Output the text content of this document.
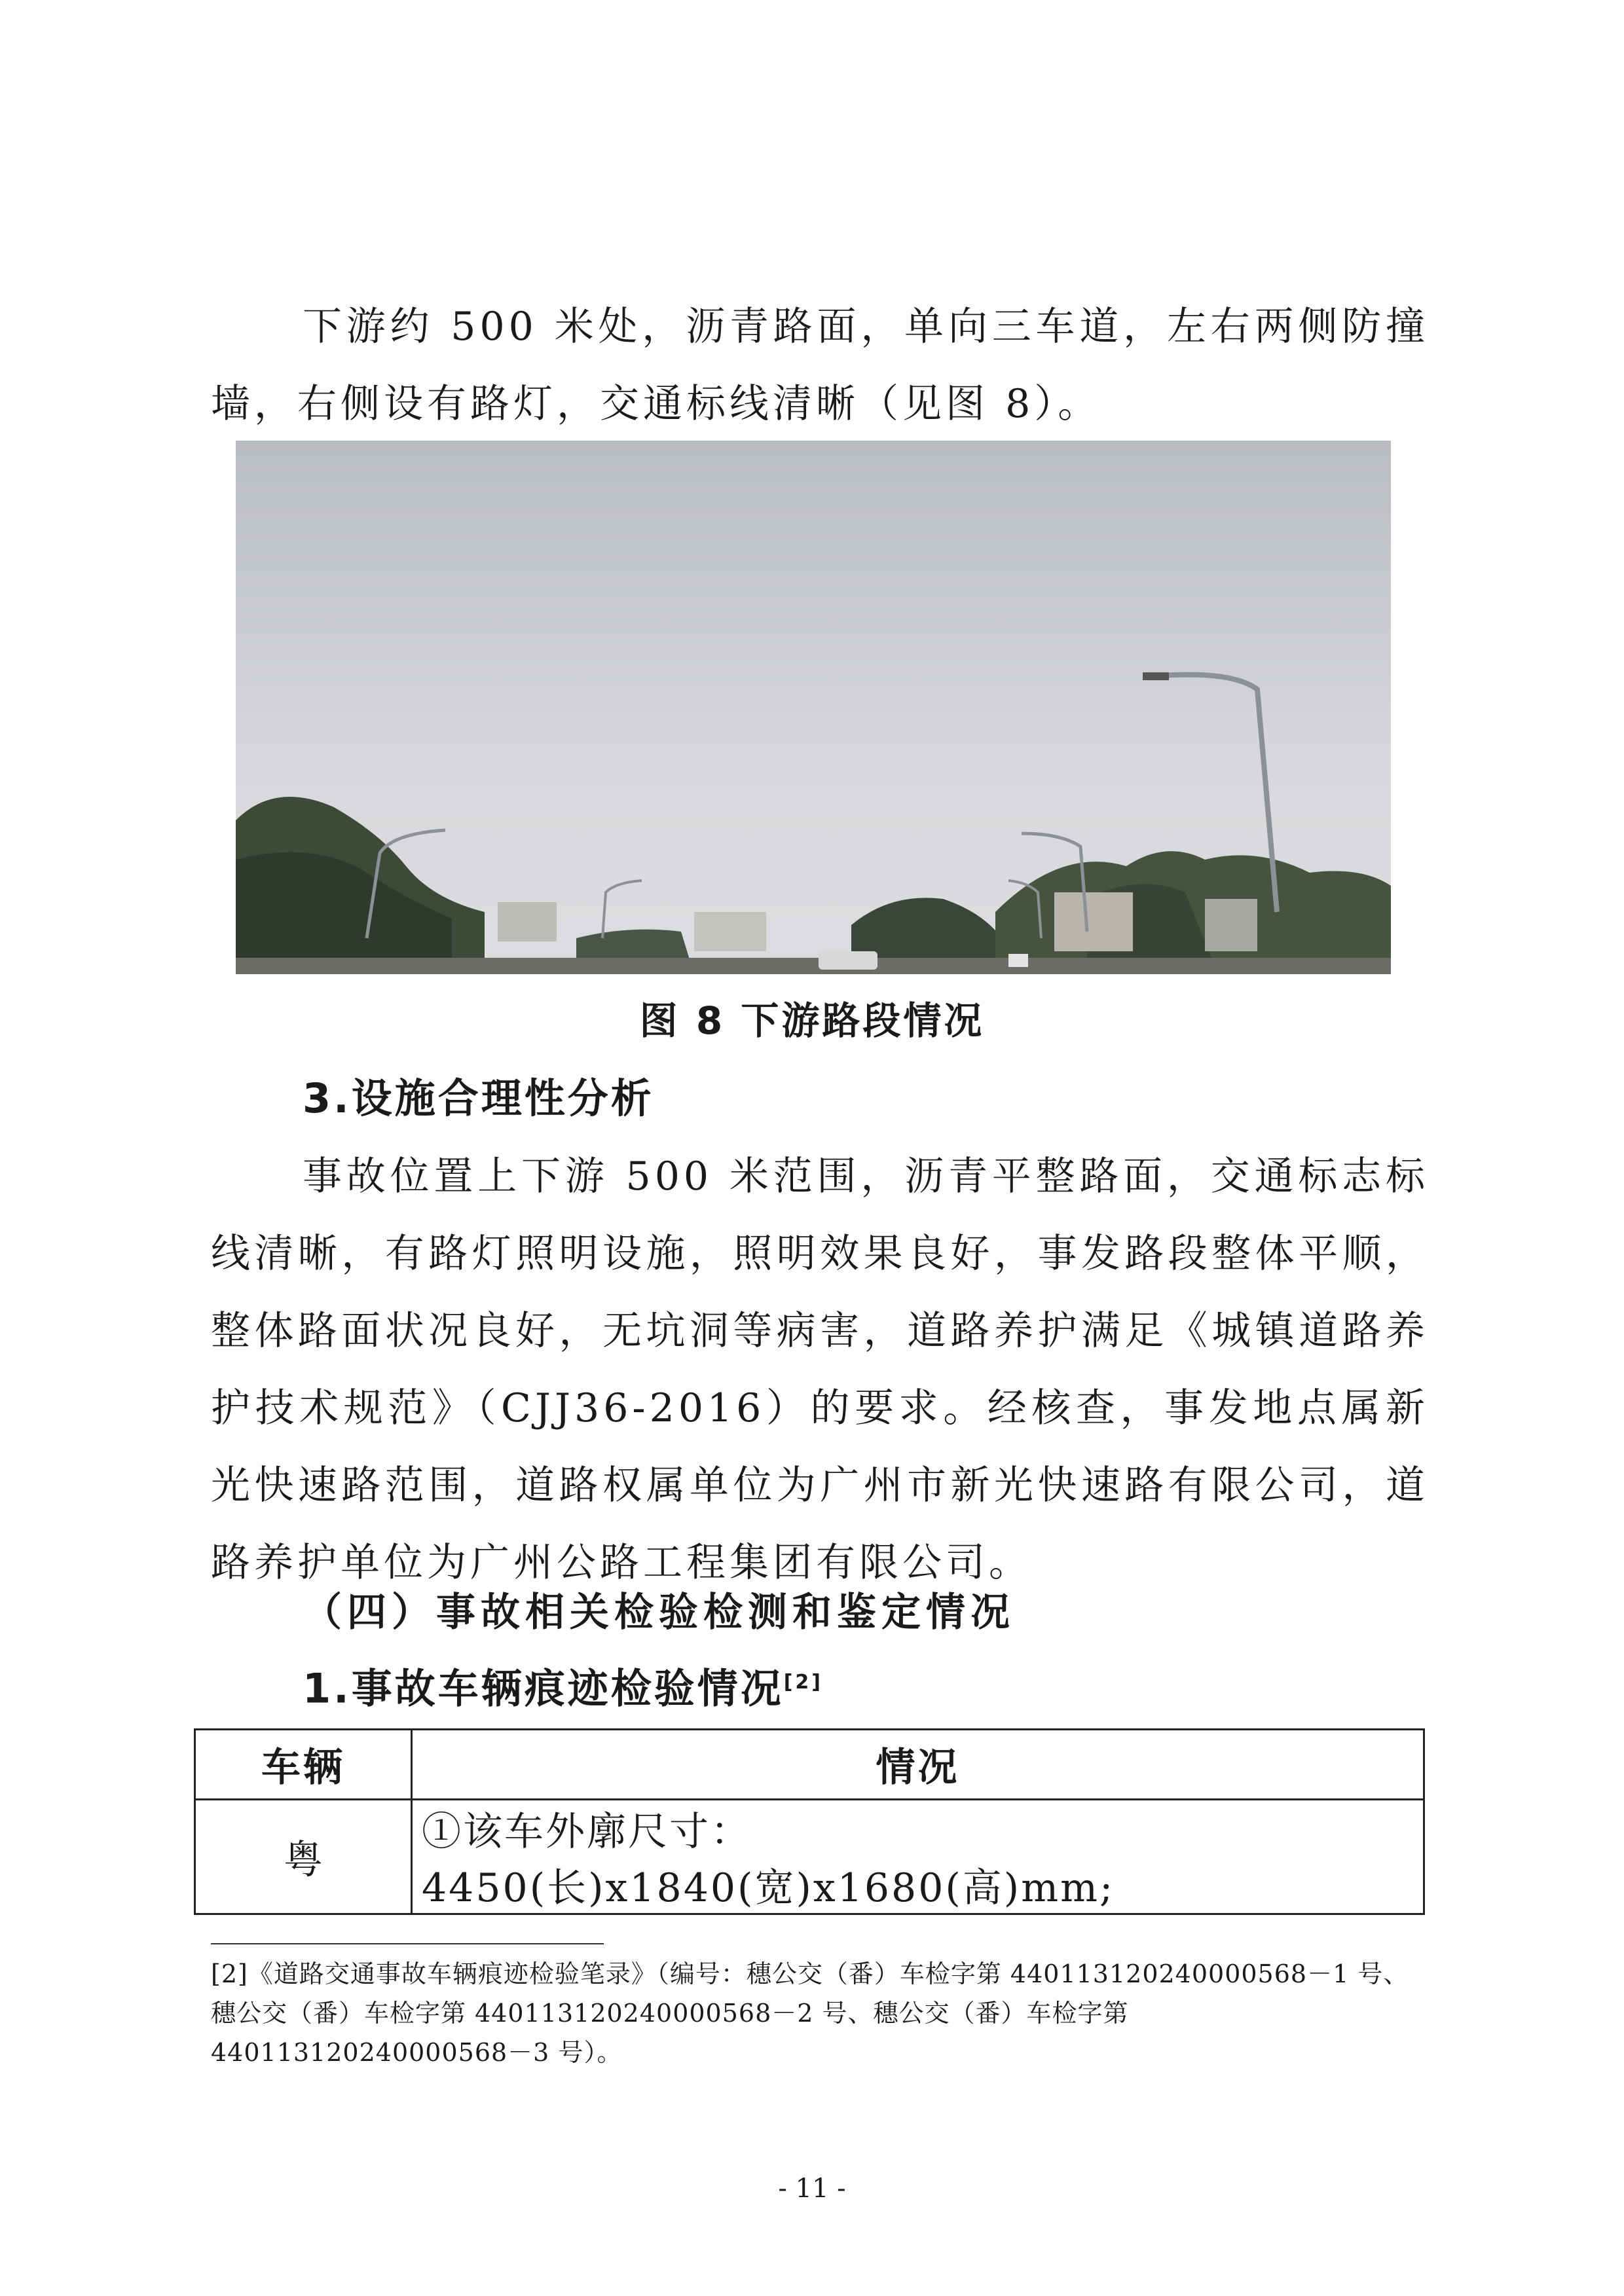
下游约 500 米处，沥青路面，单向三车道，左右两侧防撞墙，右侧设有路灯，交通标线清晰（见图 8）。

图 8 下游路段情况
3.设施合理性分析

事故位置上下游 500 米范围，沥青平整路面，交通标志标线清晰，有路灯照明设施，照明效果良好，事发路段整体平顺，整体路面状况良好，无坑洞等病害，道路养护满足《城镇道路养护技术规范》（CJJ36-2016）的要求。经核查，事发地点属新光快速路范围，道路权属单位为广州市新光快速路有限公司，道路养护单位为广州公路工程集团有限公司。

（四）事故相关检验检测和鉴定情况
1.事故车辆痕迹检验情况[2]
车辆	情况
粤	①该车外廓尺寸：4450(长)x1840(宽)x1680(高)mm;
[2]《道路交通事故车辆痕迹检验笔录》（编号：穗公交（番）车检字第 440113120240000568－1 号、穗公交（番）车检字第 440113120240000568－2 号、穗公交（番）车检字第 440113120240000568－3 号）。
- 11 -
